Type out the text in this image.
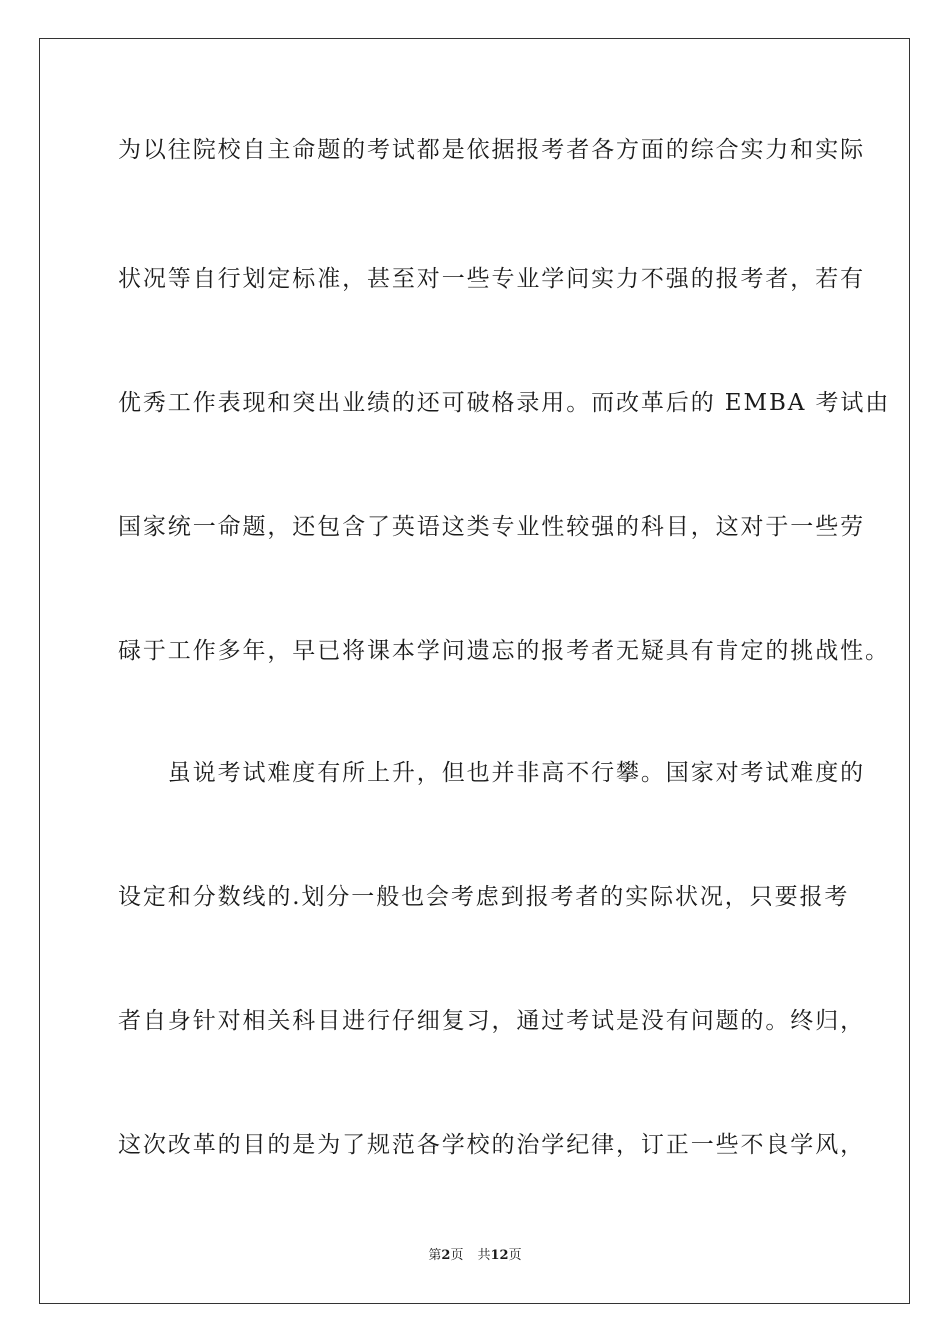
为以往院校自主命题的考试都是依据报考者各方面的综合实力和实际
状况等自行划定标准，甚至对一些专业学问实力不强的报考者，若有
优秀工作表现和突出业绩的还可破格录用。而改革后的 EMBA 考试由
国家统一命题，还包含了英语这类专业性较强的科目，这对于一些劳
碌于工作多年，早已将课本学问遗忘的报考者无疑具有肯定的挑战性。
　　虽说考试难度有所上升，但也并非高不行攀。国家对考试难度的
设定和分数线的.划分一般也会考虑到报考者的实际状况，只要报考
者自身针对相关科目进行仔细复习，通过考试是没有问题的。终归，
这次改革的目的是为了规范各学校的治学纪律，订正一些不良学风，
第2页 共12页
